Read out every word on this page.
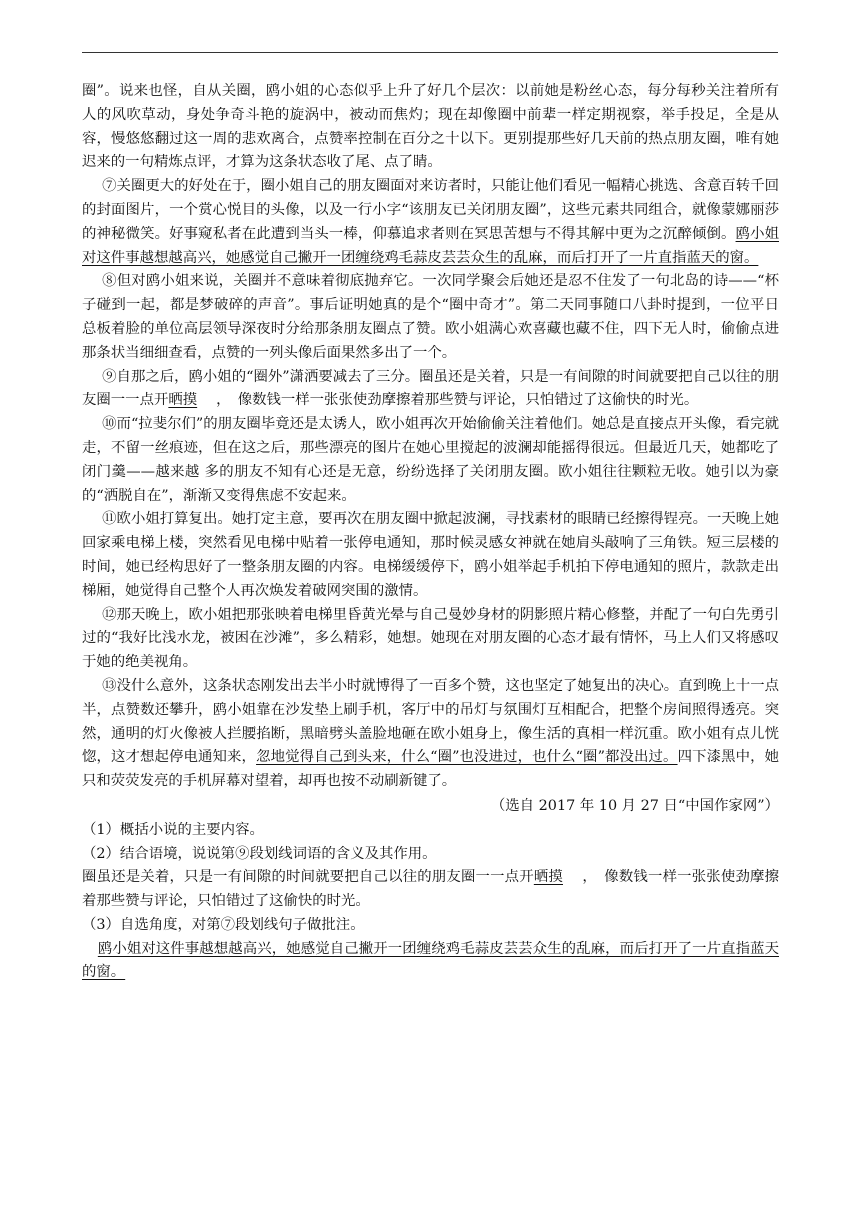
圈”。说来也怪，自从关圈，鸥小姐的心态似乎上升了好几个层次：以前她是粉丝心态，每分每秒关注着所有人的风吹草动，身处争奇斗艳的旋涡中，被动而焦灼；现在却像圈中前辈一样定期视察，举手投足，全是从容，慢悠悠翻过这一周的悲欢离合，点赞率控制在百分之十以下。更别提那些好几天前的热点朋友圈，唯有她迟来的一句精炼点评，才算为这条状态收了尾、点了睛。

⑦关圈更大的好处在于，圈小姐自己的朋友圈面对来访者时，只能让他们看见一幅精心挑选、含意百转千回的封面图片，一个赏心悦目的头像，以及一行小字“该朋友已关闭朋友圈”，这些元素共同组合，就像蒙娜丽莎的神秘微笑。好事窥私者在此遭到当头一棒，仰慕追求者则在冥思苦想与不得其解中更为之沉醉倾倒。鸥小姐对这件事越想越高兴，她感觉自己撇开一团缠绕鸡毛蒜皮芸芸众生的乱麻，而后打开了一片直指蓝天的窗。

⑧但对鸥小姐来说，关圈并不意味着彻底抛弃它。一次同学聚会后她还是忍不住发了一句北岛的诗——“杯子碰到一起，都是梦破碎的声音”。事后证明她真的是个“圈中奇才”。第二天同事随口八卦时提到，一位平日总板着脸的单位高层领导深夜时分给那条朋友圈点了赞。欧小姐满心欢喜藏也藏不住，四下无人时，偷偷点进那条状当细细查看，点赞的一列头像后面果然多出了一个。

⑨自那之后，鸥小姐的“圈外”潇洒要减去了三分。圈虽还是关着，只是一有间隙的时间就要把自己以往的朋友圈一一点开晒摸　 ，　像数钱一样一张张使劲摩擦着那些赞与评论，只怕错过了这偷快的时光。

⑩而“拉斐尔们”的朋友圈毕竟还是太诱人，欧小姐再次开始偷偷关注着他们。她总是直接点开头像，看完就走，不留一丝痕迹，但在这之后，那些漂亮的图片在她心里搅起的波澜却能摇得很远。但最近几天，她都吃了闭门羹——越来越 多的朋友不知有心还是无意，纷纷选择了关闭朋友圈。欧小姐往往颗粒无收。她引以为豪的“洒脱自在”，渐渐又变得焦虑不安起来。

⑪欧小姐打算复出。她打定主意，要再次在朋友圈中掀起波澜，寻找素材的眼睛已经擦得锃亮。一天晚上她回家乘电梯上楼，突然看见电梯中贴着一张停电通知，那时候灵感女神就在她肩头敲响了三角铁。短三层楼的时间，她已经构思好了一整条朋友圈的内容。电梯缓缓停下，鸥小姐举起手机拍下停电通知的照片，款款走出梯厢，她觉得自己整个人再次焕发着破网突围的激情。

⑫那天晚上，欧小姐把那张映着电梯里昏黄光晕与自己曼妙身材的阴影照片精心修整，并配了一句白先勇引过的“我好比浅水龙，被困在沙滩”，多么精彩，她想。她现在对朋友圈的心态才最有情怀，马上人们又将感叹于她的绝美视角。

⑬没什么意外，这条状态刚发出去半小时就博得了一百多个赞，这也坚定了她复出的决心。直到晚上十一点半，点赞数还攀升，鸥小姐靠在沙发垫上刷手机，客厅中的吊灯与氛围灯互相配合，把整个房间照得透亮。突然，通明的灯火像被人拦腰掐断，黑暗劈头盖脸地砸在欧小姐身上，像生活的真相一样沉重。欧小姐有点儿恍惚，这才想起停电通知来，忽地觉得自己到头来，什么“圈”也没进过，也什么“圈”都没出过。四下漆黑中，她只和荧荧发亮的手机屏幕对望着，却再也按不动刷新键了。

（选自 2017 年 10 月 27 日“中国作家网”）

（1）概括小说的主要内容。

（2）结合语境，说说第⑨段划线词语的含义及其作用。

圈虽还是关着，只是一有间隙的时间就要把自己以往的朋友圈一一点开晒摸　 ，　像数钱一样一张张使劲摩擦着那些赞与评论，只怕错过了这偷快的时光。

（3）自选角度，对第⑦段划线句子做批注。

鸥小姐对这件事越想越高兴，她感觉自己撇开一团缠绕鸡毛蒜皮芸芸众生的乱麻，而后打开了一片直指蓝天的窗。
